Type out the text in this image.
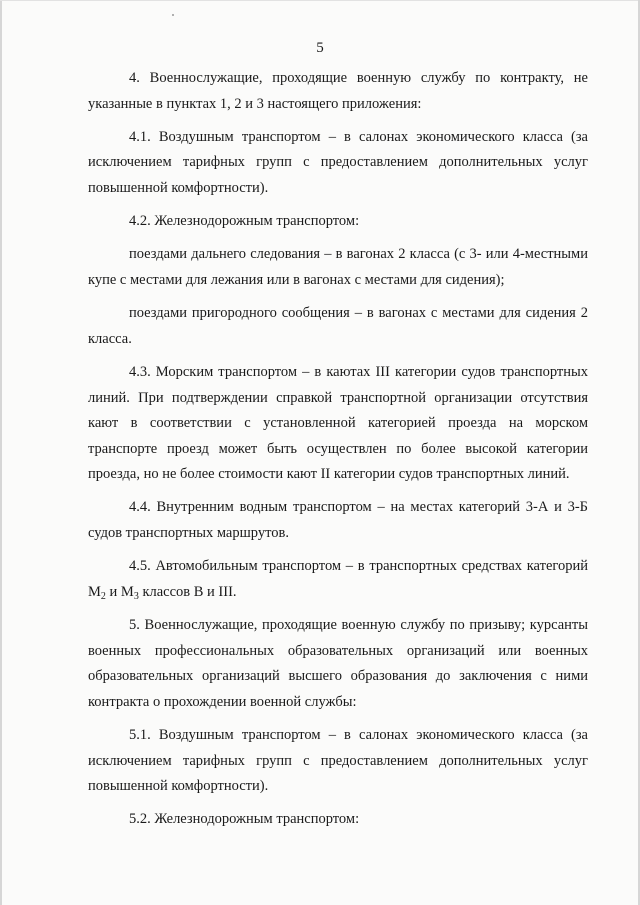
5

4. Военнослужащие, проходящие военную службу по контракту, не указанные в пунктах 1, 2 и 3 настоящего приложения:

4.1. Воздушным транспортом – в салонах экономического класса (за исключением тарифных групп с предоставлением дополнительных услуг повышенной комфортности).

4.2. Железнодорожным транспортом:

поездами дальнего следования – в вагонах 2 класса (с 3- или 4-местными купе с местами для лежания или в вагонах с местами для сидения);

поездами пригородного сообщения – в вагонах с местами для сидения 2 класса.

4.3. Морским транспортом – в каютах III категории судов транспортных линий. При подтверждении справкой транспортной организации отсутствия кают в соответствии с установленной категорией проезда на морском транспорте проезд может быть осуществлен по более высокой категории проезда, но не более стоимости кают II категории судов транспортных линий.

4.4. Внутренним водным транспортом – на местах категорий 3-А и 3-Б судов транспортных маршрутов.

4.5. Автомобильным транспортом – в транспортных средствах категорий $M_2$ и $M_3$ классов В и III.

5. Военнослужащие, проходящие военную службу по призыву; курсанты военных профессиональных образовательных организаций или военных образовательных организаций высшего образования до заключения с ними контракта о прохождении военной службы:

5.1. Воздушным транспортом – в салонах экономического класса (за исключением тарифных групп с предоставлением дополнительных услуг повышенной комфортности).

5.2. Железнодорожным транспортом:
